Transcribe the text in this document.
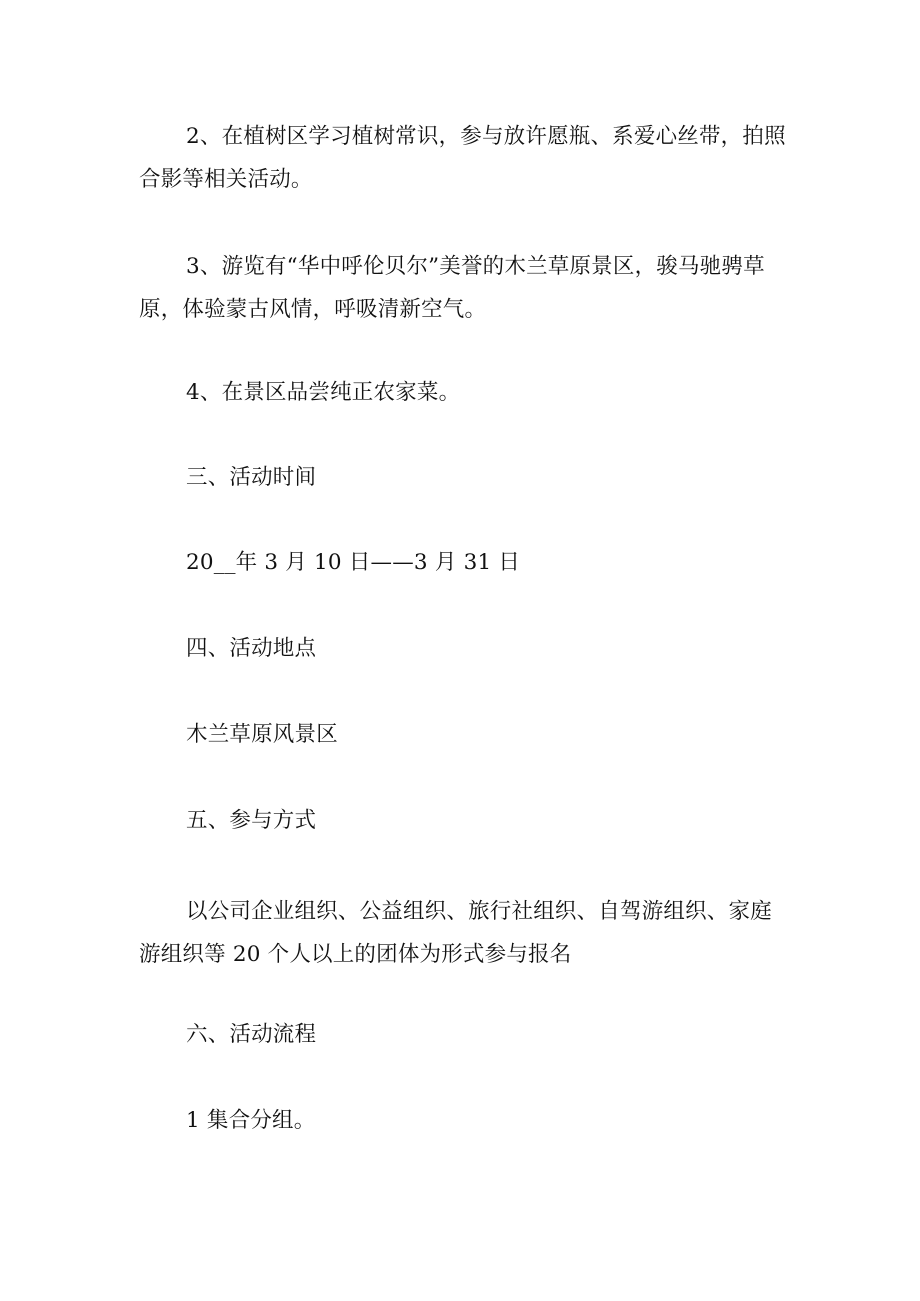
2、在植树区学习植树常识，参与放许愿瓶、系爱心丝带，拍照合影等相关活动。

3、游览有“华中呼伦贝尔”美誉的木兰草原景区，骏马驰骋草原，体验蒙古风情，呼吸清新空气。

4、在景区品尝纯正农家菜。

三、活动时间

20__年 3 月 10 日——3 月 31 日

四、活动地点

木兰草原风景区

五、参与方式

以公司企业组织、公益组织、旅行社组织、自驾游组织、家庭游组织等 20 个人以上的团体为形式参与报名

六、活动流程

1 集合分组。
